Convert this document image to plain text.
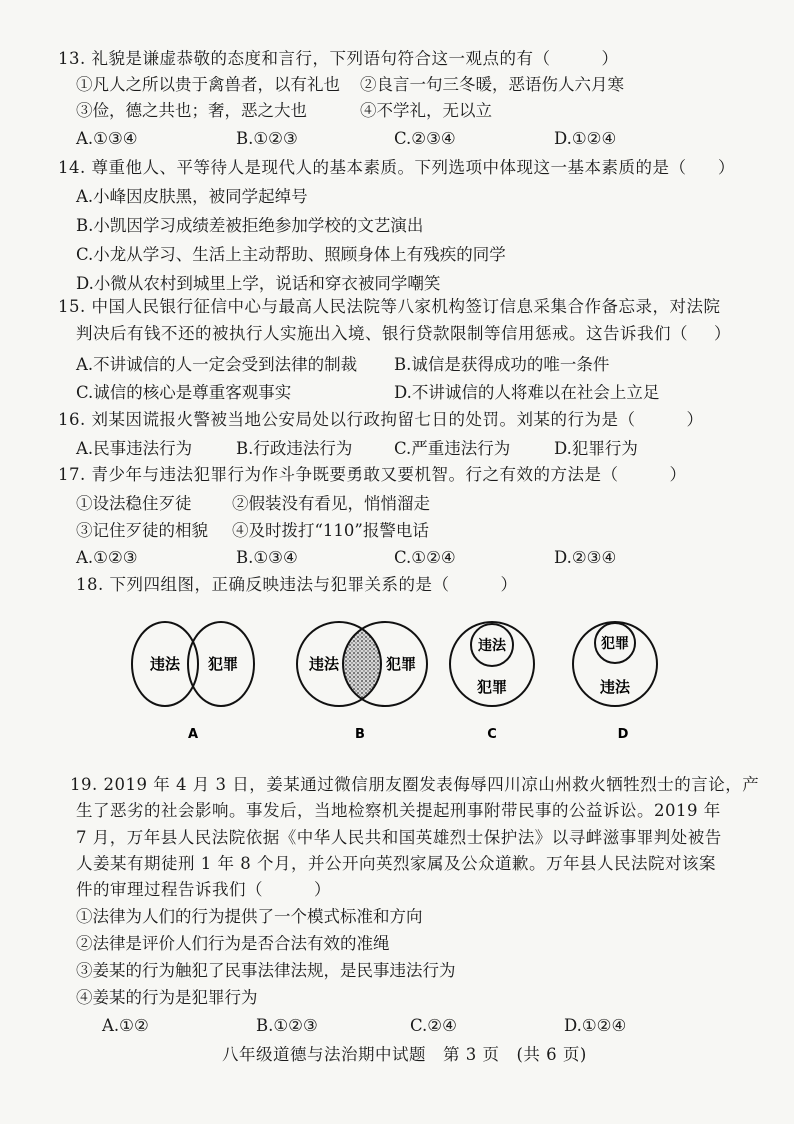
13. 礼貌是谦虚恭敬的态度和言行，下列语句符合这一观点的有（　　　）
①凡人之所以贵于禽兽者，以有礼也 ②良言一句三冬暖，恶语伤人六月寒
③俭，德之共也；奢，恶之大也	④不学礼，无以立
A.①③④	B.①②③	C.②③④	D.①②④
14. 尊重他人、平等待人是现代人的基本素质。下列选项中体现这一基本素质的是（ ）
A.小峰因皮肤黑，被同学起绰号
B.小凯因学习成绩差被拒绝参加学校的文艺演出
C.小龙从学习、生活上主动帮助、照顾身体上有残疾的同学
D.小微从农村到城里上学，说话和穿衣被同学嘲笑
15. 中国人民银行征信中心与最高人民法院等八家机构签订信息采集合作备忘录，对法院
判决后有钱不还的被执行人实施出入境、银行贷款限制等信用惩戒。这告诉我们（ ）
A.不讲诚信的人一定会受到法律的制裁 B.诚信是获得成功的唯一条件
C.诚信的核心是尊重客观事实	D.不讲诚信的人将难以在社会上立足
16. 刘某因谎报火警被当地公安局处以行政拘留七日的处罚。刘某的行为是（　　　）
A.民事违法行为	B.行政违法行为	C.严重违法行为	D.犯罪行为
17. 青少年与违法犯罪行为作斗争既要勇敢又要机智。行之有效的方法是（　　　）
①设法稳住歹徒 ②假装没有看见，悄悄溜走
③记住歹徒的相貌 ④及时拨打“110”报警电话
A.①②③	B.①③④	C.①②④	D.②③④
18. 下列四组图，正确反映违法与犯罪关系的是（　　　）
违法 犯罪
A
违法	犯罪
B
违法
犯罪
C
犯罪
违法
D
19. 2019 年 4 月 3 日，姜某通过微信朋友圈发表侮辱四川凉山州救火牺牲烈士的言论，产
生了恶劣的社会影响。事发后，当地检察机关提起刑事附带民事的公益诉讼。2019 年
7 月，万年县人民法院依据《中华人民共和国英雄烈士保护法》以寻衅滋事罪判处被告
人姜某有期徒刑 1 年 8 个月，并公开向英烈家属及公众道歉。万年县人民法院对该案
件的审理过程告诉我们（　　　）
①法律为人们的行为提供了一个模式标准和方向
②法律是评价人们行为是否合法有效的准绳
③姜某的行为触犯了民事法律法规，是民事违法行为
④姜某的行为是犯罪行为
A.①②	B.①②③	C.②④	D.①②④
八年级道德与法治期中试题　第 3 页　(共 6 页)
